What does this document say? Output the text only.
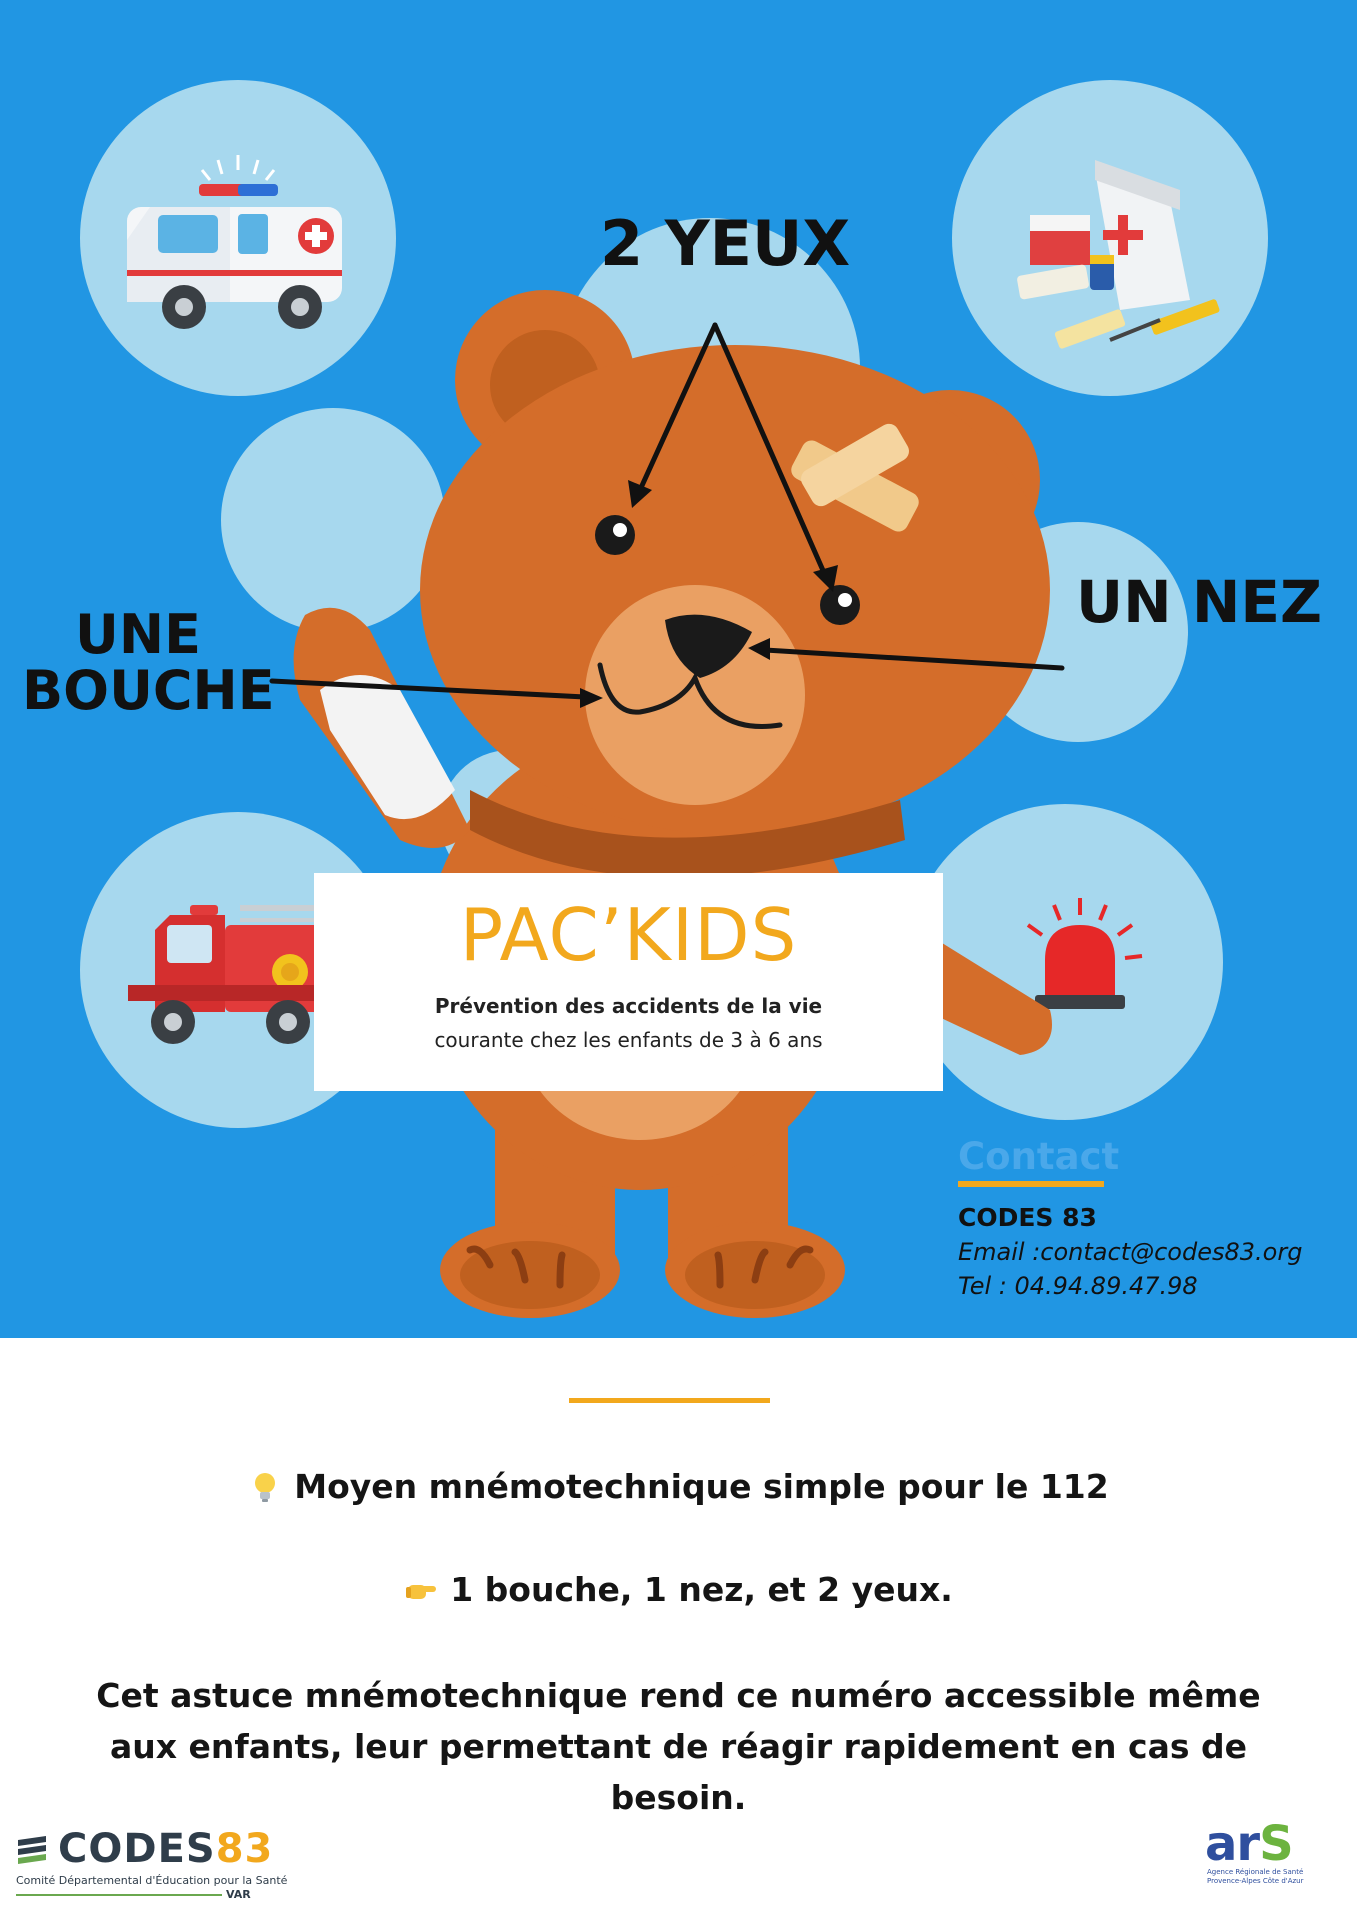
2 YEUX
UNE
BOUCHE
UN NEZ
PAC’KIDS
Prévention des accidents de la vie
courante chez les enfants de 3 à 6 ans
Contact
CODES 83
Email :contact@codes83.org
Tel : 04.94.89.47.98
Moyen mnémotechnique simple pour le 112
1 bouche, 1 nez, et 2 yeux.
Cet astuce mnémotechnique rend ce numéro accessible même aux enfants, leur permettant de réagir rapidement en cas de besoin.
CODES83
Comité Départemental d'Éducation pour la Santé
VAR
arS
Agence Régionale de Santé Provence-Alpes Côte d'Azur
